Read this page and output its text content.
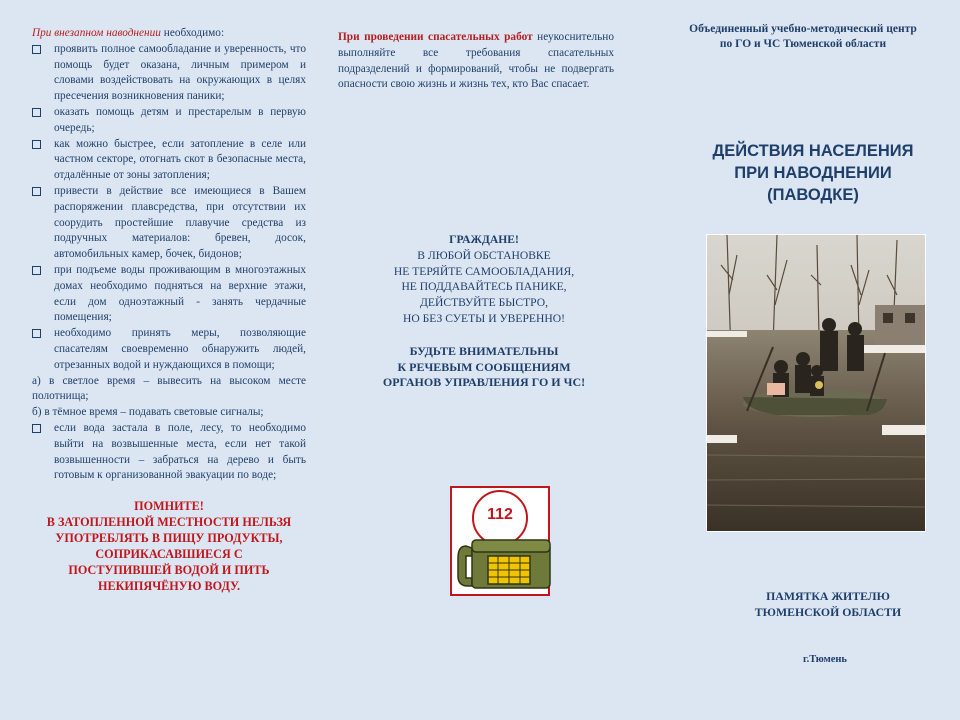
При внезапном наводнении необходимо:

проявить полное самообладание и уверенность, что помощь будет оказана, личным примером и словами воздействовать на окружающих в целях пресечения возникновения паники;
оказать помощь детям и престарелым в первую очередь;
как можно быстрее, если затопление в селе или частном секторе, отогнать скот в безопасные места, отдалённые от зоны затопления;
привести в действие все имеющиеся в Вашем распоряжении плавсредства, при отсутствии их соорудить простейшие плавучие средства из подручных материалов: бревен, досок, автомобильных камер, бочек, бидонов;
при подъеме воды проживающим в многоэтажных домах необходимо подняться на верхние этажи, если дом одноэтажный - занять чердачные помещения;
необходимо принять меры, позволяющие спасателям своевременно обнаружить людей, отрезанных водой и нуждающихся в помощи;

а) в светлое время – вывесить на высоком месте полотнища;

б) в тёмное время – подавать световые сигналы;

если вода застала в поле, лесу, то необходимо выйти на возвышенные места, если нет такой возвышенности – забраться на дерево и быть готовым к организованной эвакуации по воде;
ПОМНИТЕ!
В ЗАТОПЛЕННОЙ МЕСТНОСТИ НЕЛЬЗЯ
УПОТРЕБЛЯТЬ В ПИЩУ ПРОДУКТЫ,
СОПРИКАСАВШИЕСЯ С
ПОСТУПИВШЕЙ ВОДОЙ И ПИТЬ
НЕКИПЯЧЁНУЮ ВОДУ.

При проведении спасательных работ неукоснительно выполняйте все требования спасательных подразделений и формирований, чтобы не подвергать опасности свою жизнь и жизнь тех, кто Вас спасает.

ГРАЖДАНЕ!
В ЛЮБОЙ ОБСТАНОВКЕ
НЕ ТЕРЯЙТЕ САМООБЛАДАНИЯ,
НЕ ПОДДАВАЙТЕСЬ ПАНИКЕ,
ДЕЙСТВУЙТЕ БЫСТРО,
НО БЕЗ СУЕТЫ И УВЕРЕННО!
БУДЬТЕ ВНИМАТЕЛЬНЫ
К РЕЧЕВЫМ СООБЩЕНИЯМ
ОРГАНОВ УПРАВЛЕНИЯ ГО И ЧС!
112
Объединенный учебно-методический центр
по ГО и ЧС Тюменской области
ДЕЙСТВИЯ НАСЕЛЕНИЯ
ПРИ НАВОДНЕНИИ
(ПАВОДКЕ)
ПАМЯТКА ЖИТЕЛЮ
ТЮМЕНСКОЙ ОБЛАСТИ
г.Тюмень
